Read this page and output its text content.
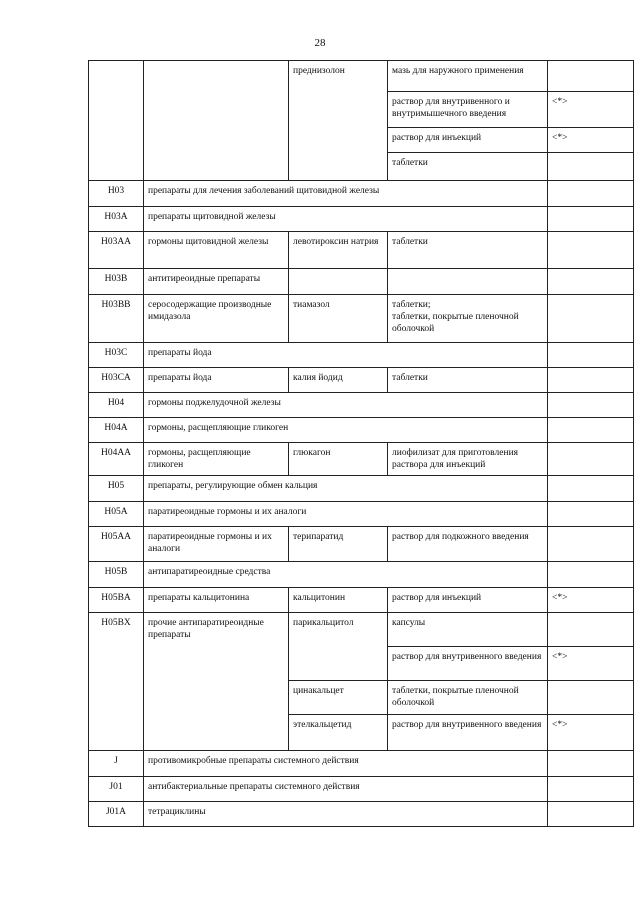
28
		преднизолон	мазь для наружного применения	
			раствор для внутривенного и внутримышечного введения	<*>
			раствор для инъекций	<*>
			таблетки	
H03	препараты для лечения заболеваний щитовидной железы			
H03A	препараты щитовидной железы			
H03AA	гормоны щитовидной железы	левотироксин натрия	таблетки	
H03B	антитиреоидные препараты			
H03BB	серосодержащие производные имидазола	тиамазол	таблетки;
таблетки, покрытые пленочной оболочкой	
H03C	препараты йода			
H03CA	препараты йода	калия йодид	таблетки	
H04	гормоны поджелудочной железы			
H04A	гормоны, расщепляющие гликоген			
H04AA	гормоны, расщепляющие гликоген	глюкагон	лиофилизат для приготовления раствора для инъекций	
H05	препараты, регулирующие обмен кальция			
H05A	паратиреоидные гормоны и их аналоги			
H05AA	паратиреоидные гормоны и их аналоги	терипаратид	раствор для подкожного введения	
H05B	антипаратиреоидные средства			
H05BA	препараты кальцитонина	кальцитонин	раствор для инъекций	<*>
H05BX	прочие антипаратиреоидные препараты	парикальцитол	капсулы	
			раствор для внутривенного введения	<*>
		цинакальцет	таблетки, покрытые пленочной оболочкой	
		этелкальцетид	раствор для внутривенного введения	<*>
J	противомикробные препараты системного действия			
J01	антибактериальные препараты системного действия			
J01A	тетрациклины			
